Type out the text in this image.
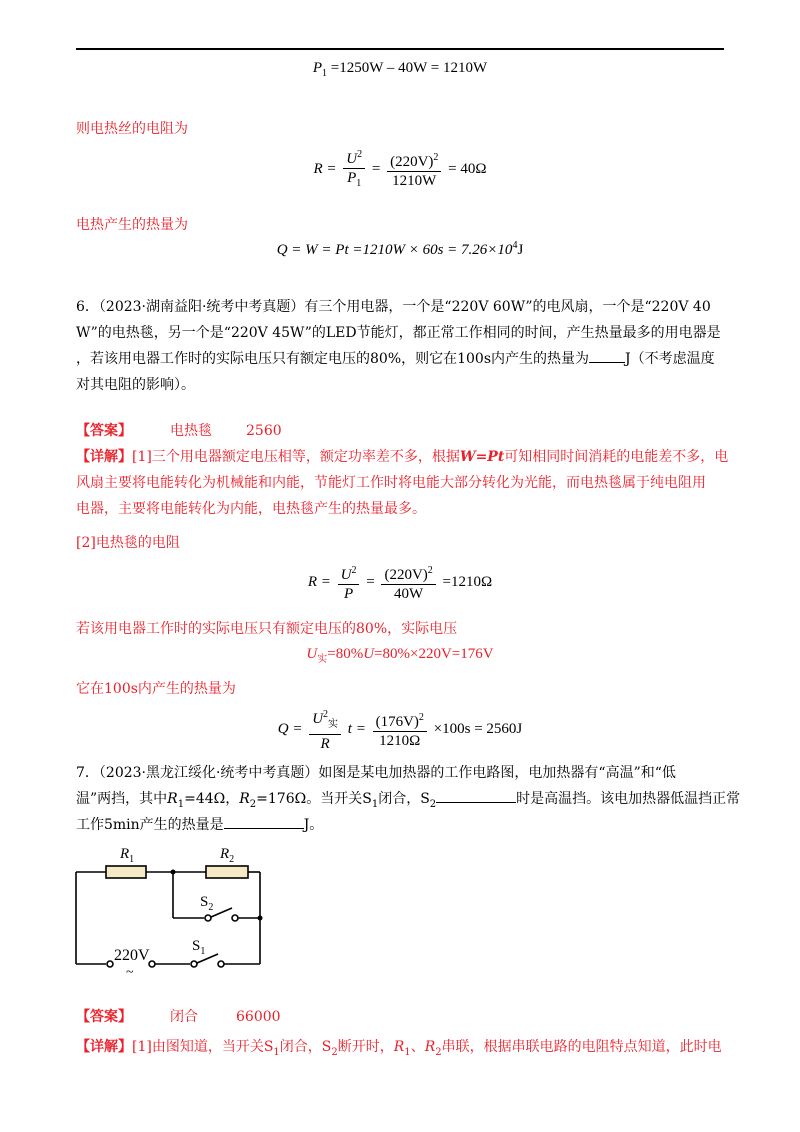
$P_1 =1250W - 40W = 1210W$
则电热丝的电阻为
$R = \frac{U^2}{P_1} = \frac{(220V)^2}{1210W} = 40\Omega$
电热产生的热量为
$Q = W = Pt =1210W \times 60s = 7.26\times 10^4J$
6．（2023·湖南益阳·统考中考真题）有三个用电器，一个是“220V 60W”的电风扇，一个是“220V 40
W”的电热毯，另一个是“220V 45W”的LED节能灯，都正常工作相同的时间，产生热量最多的用电器是
，若该用电器工作时的实际电压只有额定电压的80%，则它在100s内产生的热量为	J（不考虑温度
对其电阻的影响）。
【答案】	电热毯 2560
【详解】[1]三个用电器额定电压相等，额定功率差不多，根据W=Pt可知相同时间消耗的电能差不多，电
风扇主要将电能转化为机械能和内能，节能灯工作时将电能大部分转化为光能，而电热毯属于纯电阻用
电器，主要将电能转化为内能，电热毯产生的热量最多。
[2]电热毯的电阻
$R = \frac{U^2}{P} = \frac{(220V)^2}{40W} =1210\Omega$
若该用电器工作时的实际电压只有额定电压的80%，实际电压
$U_实=80\%U=80\%\times 220V=176V$
它在100s内产生的热量为
$Q = \frac{U^2_实}{R}$ $t = \frac{(176V)^2}{1210\Omega} \times 100s = 2560J$
7．（2023·黑龙江绥化·统考中考真题）如图是某电加热器的工作电路图，电加热器有“高温”和“低
温”两挡，其中$R_1=44\Omega$，$R_2=176\Omega$。当开关$S_1$闭合，$S_2$	时是高温挡。该电加热器低温挡正常
工作5min产生的热量是	J。
$R_1$	$R_2$
$S_2$
$S_1$
220V
~
【答案】	闭合	66000
【详解】[1]由图知道，当开关$S_1$闭合，$S_2$断开时，$R_1$、$R_2$串联，根据串联电路的电阻特点知道，此时电
